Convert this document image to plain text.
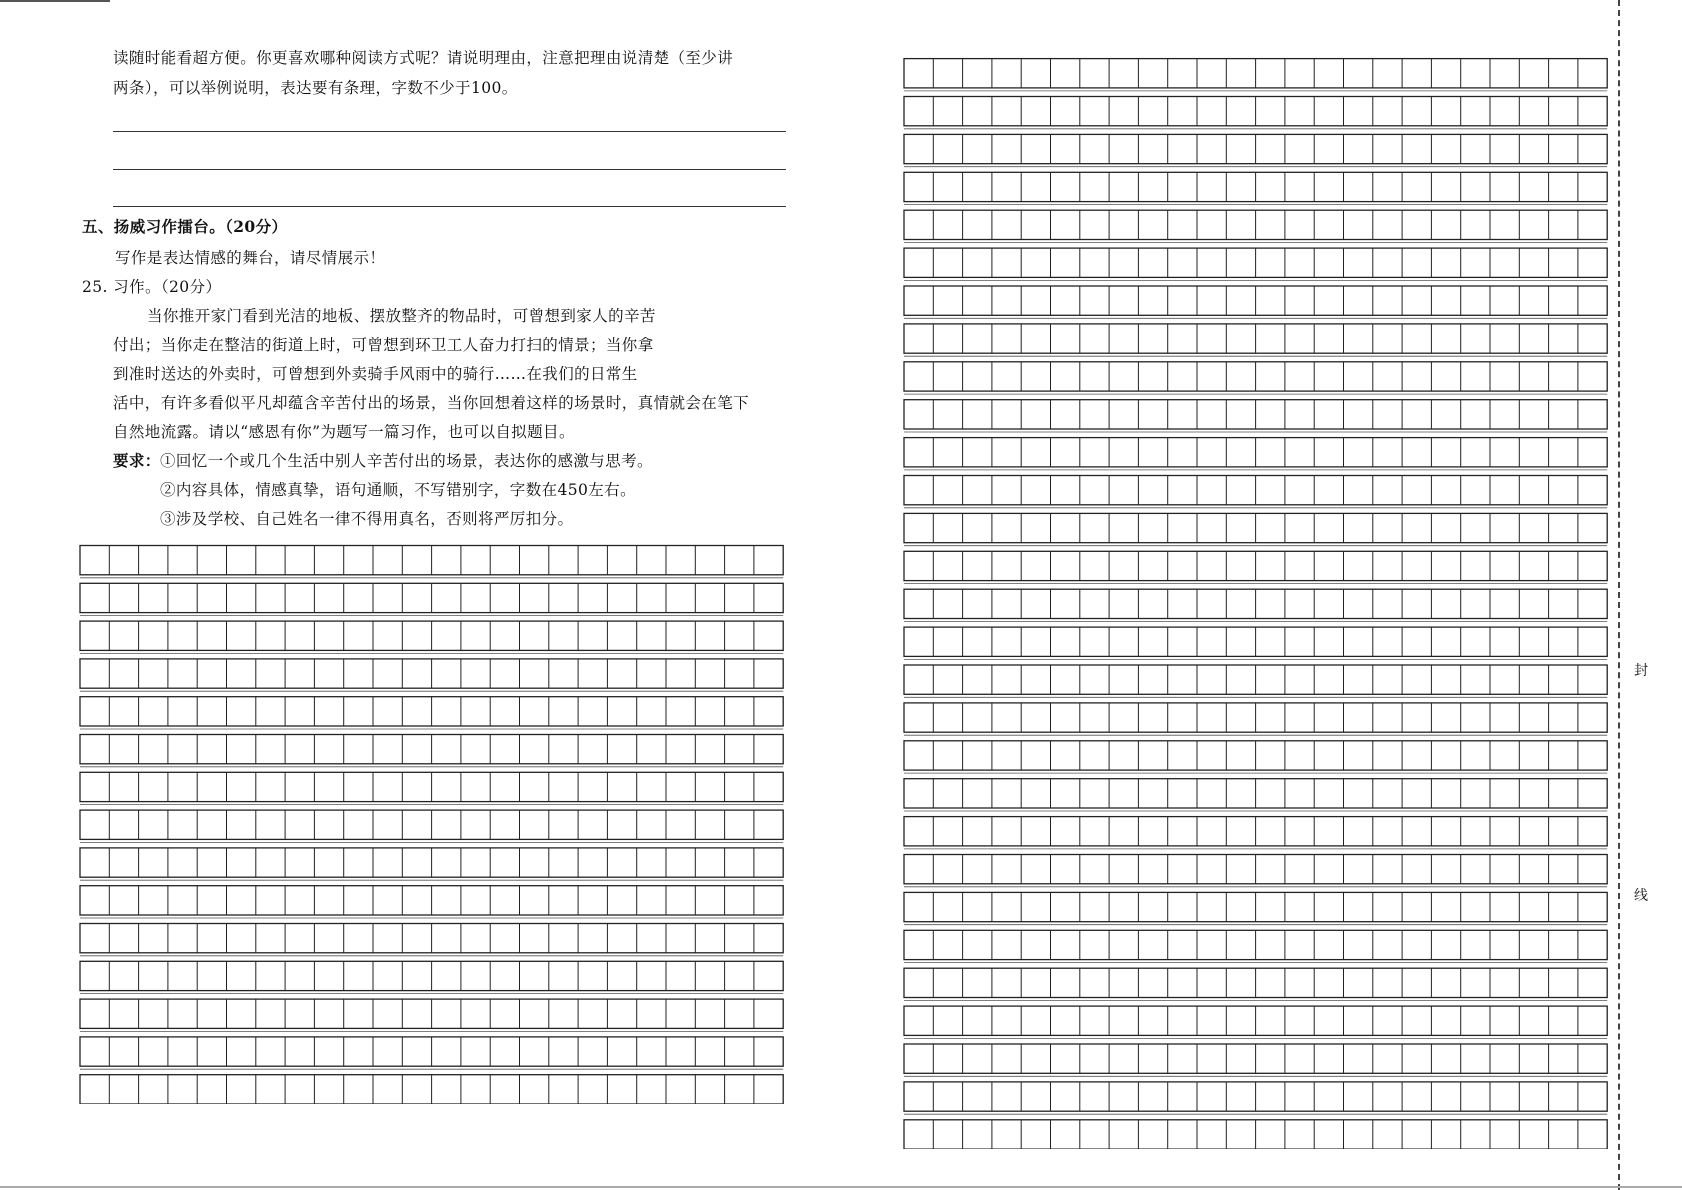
读随时能看超方便。你更喜欢哪种阅读方式呢？请说明理由，注意把理由说清楚（至少讲
两条），可以举例说明，表达要有条理，字数不少于100。
五、扬威习作擂台。（20分）
写作是表达情感的舞台，请尽情展示！
25. 习作。（20分）
当你推开家门看到光洁的地板、摆放整齐的物品时，可曾想到家人的辛苦
付出；当你走在整洁的街道上时，可曾想到环卫工人奋力打扫的情景；当你拿
到准时送达的外卖时，可曾想到外卖骑手风雨中的骑行……在我们的日常生
活中，有许多看似平凡却蕴含辛苦付出的场景，当你回想着这样的场景时，真情就会在笔下
自然地流露。请以“感恩有你”为题写一篇习作，也可以自拟题目。
要求： ①回忆一个或几个生活中别人辛苦付出的场景，表达你的感激与思考。
②内容具体，情感真挚，语句通顺，不写错别字，字数在450左右。
③涉及学校、自己姓名一律不得用真名，否则将严厉扣分。
封
线
